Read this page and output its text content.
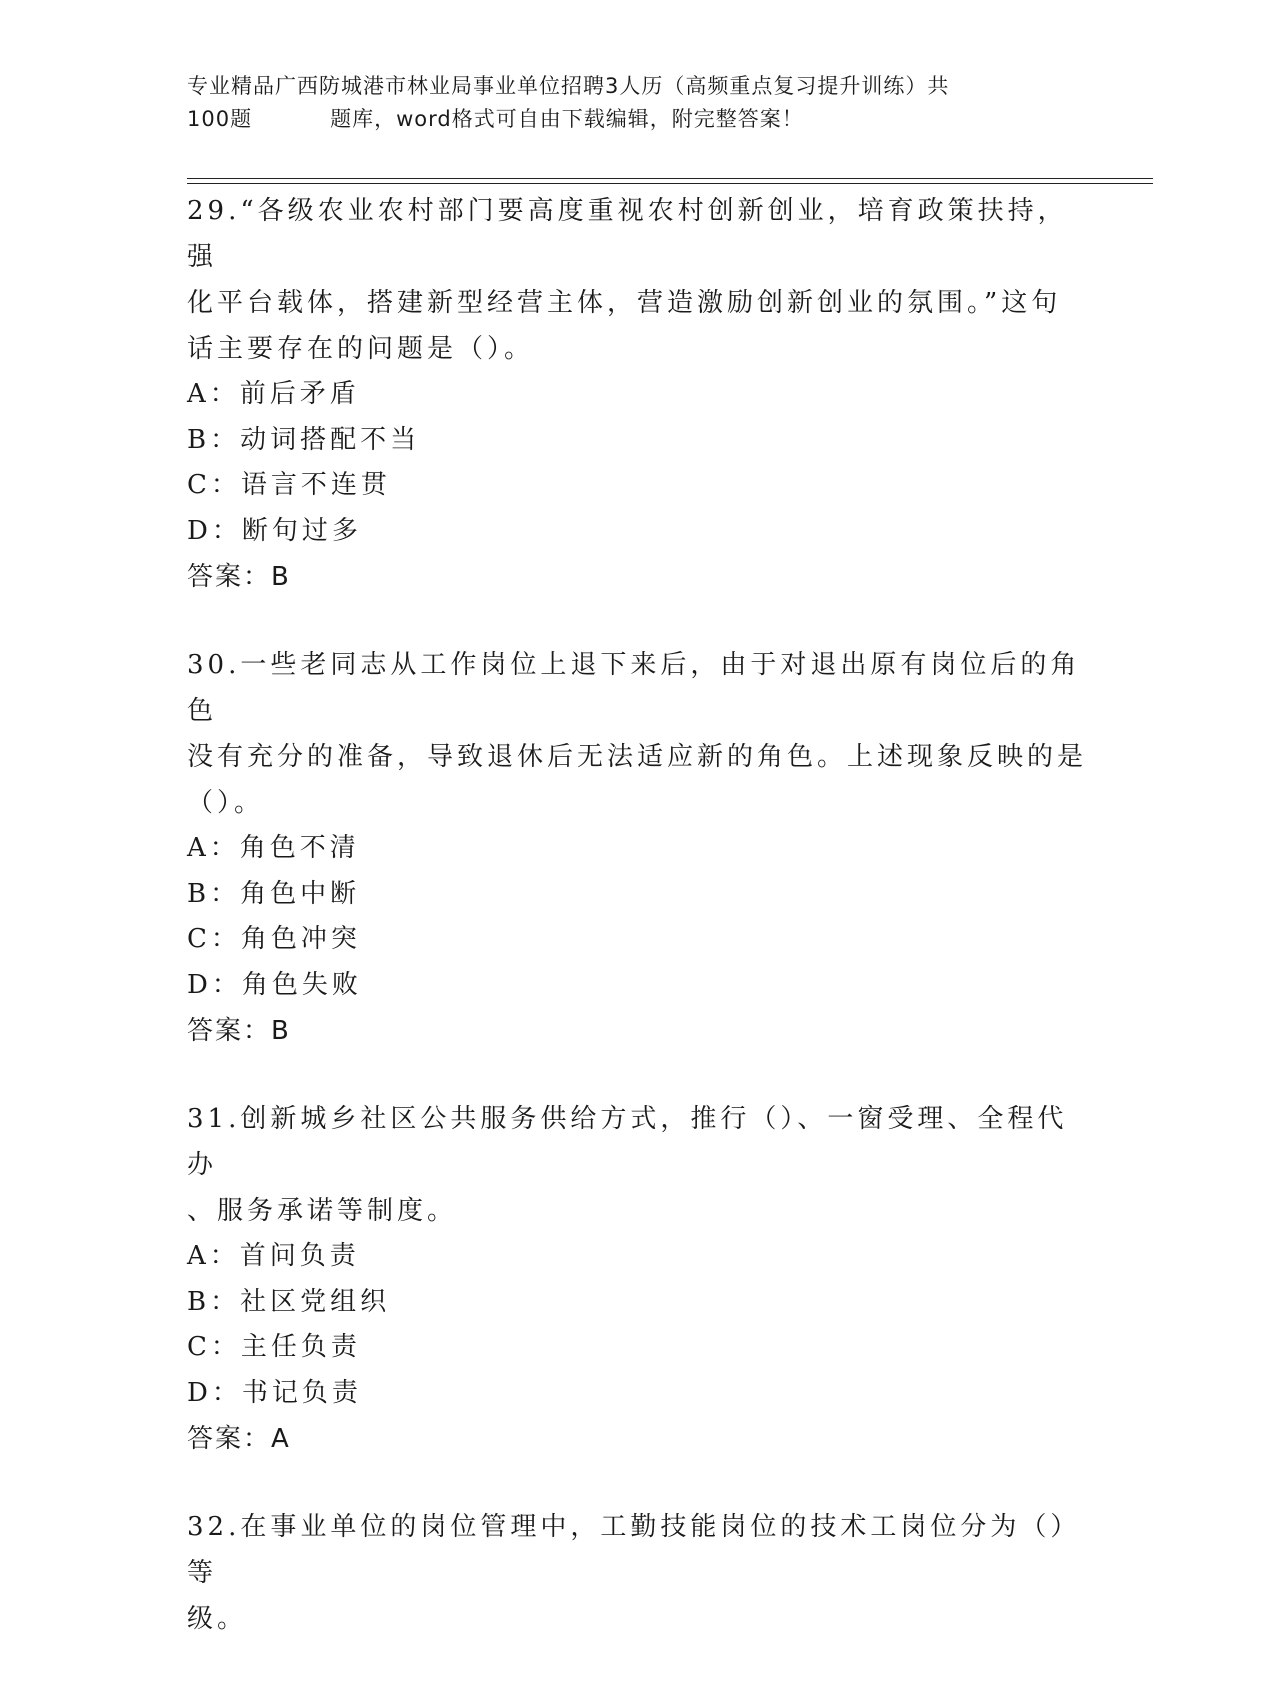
专业精品广西防城港市林业局事业单位招聘3人历（高频重点复习提升训练）共
100题	题库，word格式可自由下载编辑，附完整答案！

29.“各级农业农村部门要高度重视农村创新创业，培育政策扶持，强

化平台载体，搭建新型经营主体，营造激励创新创业的氛围。”这句

话主要存在的问题是（）。

A：前后矛盾

B：动词搭配不当

C：语言不连贯

D：断句过多

答案：B

30.一些老同志从工作岗位上退下来后，由于对退出原有岗位后的角色

没有充分的准备，导致退休后无法适应新的角色。上述现象反映的是

（）。

A：角色不清

B：角色中断

C：角色冲突

D：角色失败

答案：B

31.创新城乡社区公共服务供给方式，推行（）、一窗受理、全程代办

、服务承诺等制度。

A：首问负责

B：社区党组织

C：主任负责

D：书记负责

答案：A

32.在事业单位的岗位管理中，工勤技能岗位的技术工岗位分为（）等

级。
